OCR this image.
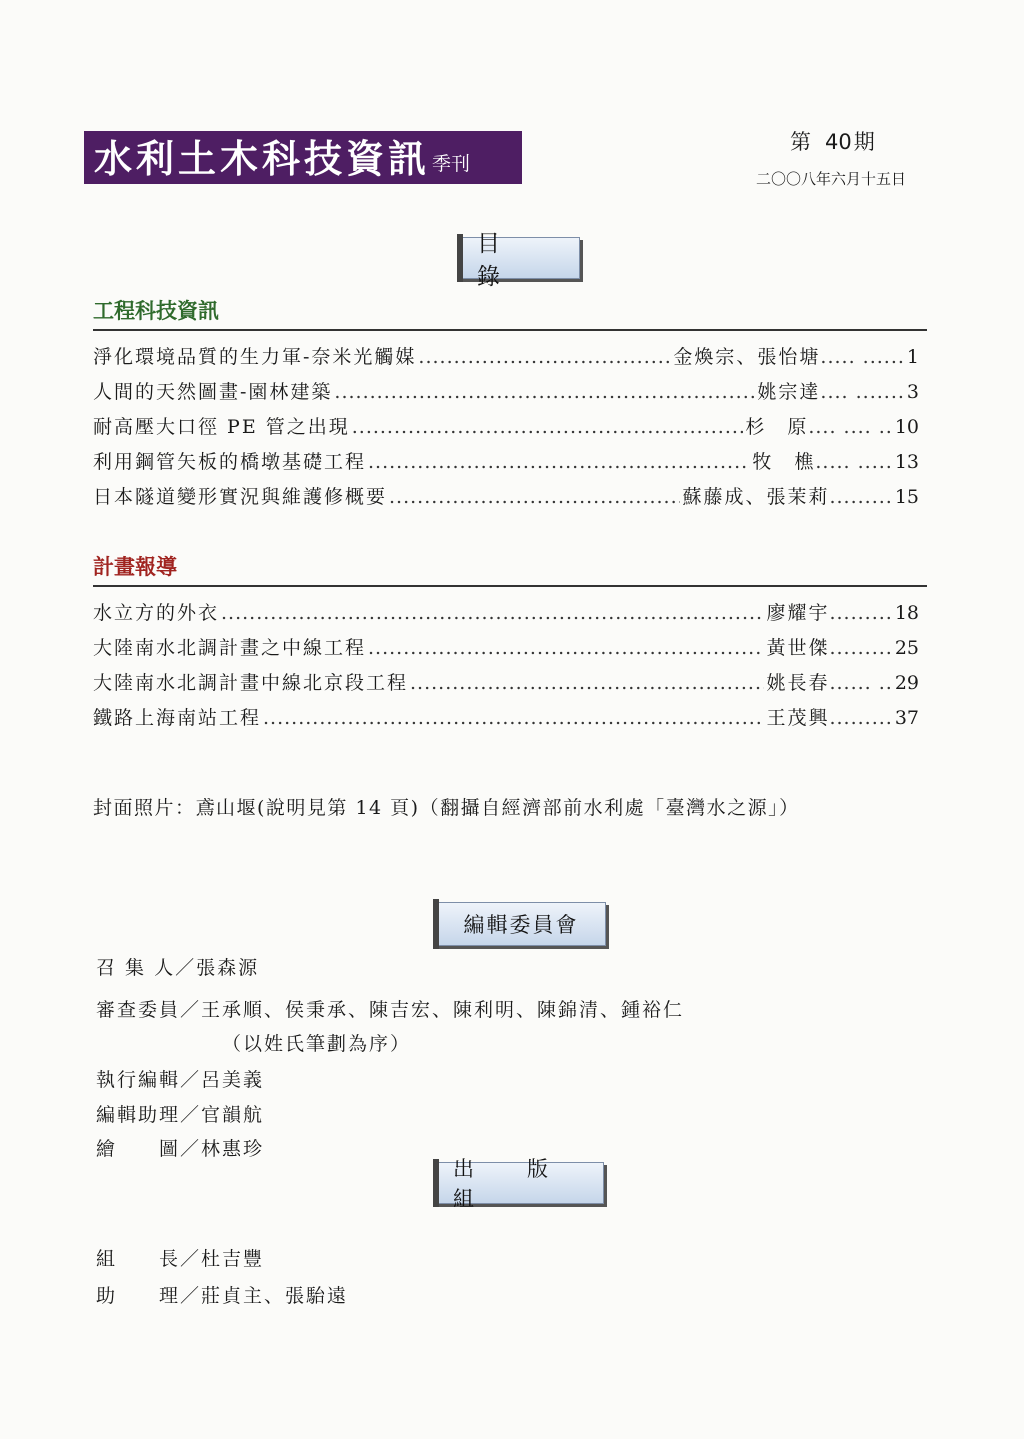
水利土木科技資訊 季刊
第 40期
二〇〇八年六月十五日
目　錄
工程科技資訊
淨化環境品質的生力軍-奈米光觸媒 .....	金煥宗、張怡塘 ..... ...... 1
人間的天然圖畫-園林建築 .....	姚宗達 .... ....... 3
耐高壓大口徑 PE 管之出現 .....	杉　原 .... .... .. 10
利用鋼管矢板的橋墩基礎工程 .....	牧　樵 ..... ..... 13
日本隧道變形實況與維護修概要 .....	蘇藤成、張茉莉 ......... 15
計畫報導
水立方的外衣 .....	廖耀宇 ......... 18
大陸南水北調計畫之中線工程 .....	黃世傑 ......... 25
大陸南水北調計畫中線北京段工程 .....	姚長春 ...... .. 29
鐵路上海南站工程 .....	王茂興 ......... 37
封面照片：鳶山堰(說明見第 14 頁)（翻攝自經濟部前水利處「臺灣水之源」）
編輯委員會
召 集 人／張森源
審查委員／王承順、侯秉承、陳吉宏、陳利明、陳錦清、鍾裕仁
（以姓氏筆劃為序）
執行編輯／呂美義
編輯助理／官韻航
繪　　圖／林惠珍
出　版　組
組　　長／杜吉豐
助　　理／莊貞主、張駘遠
